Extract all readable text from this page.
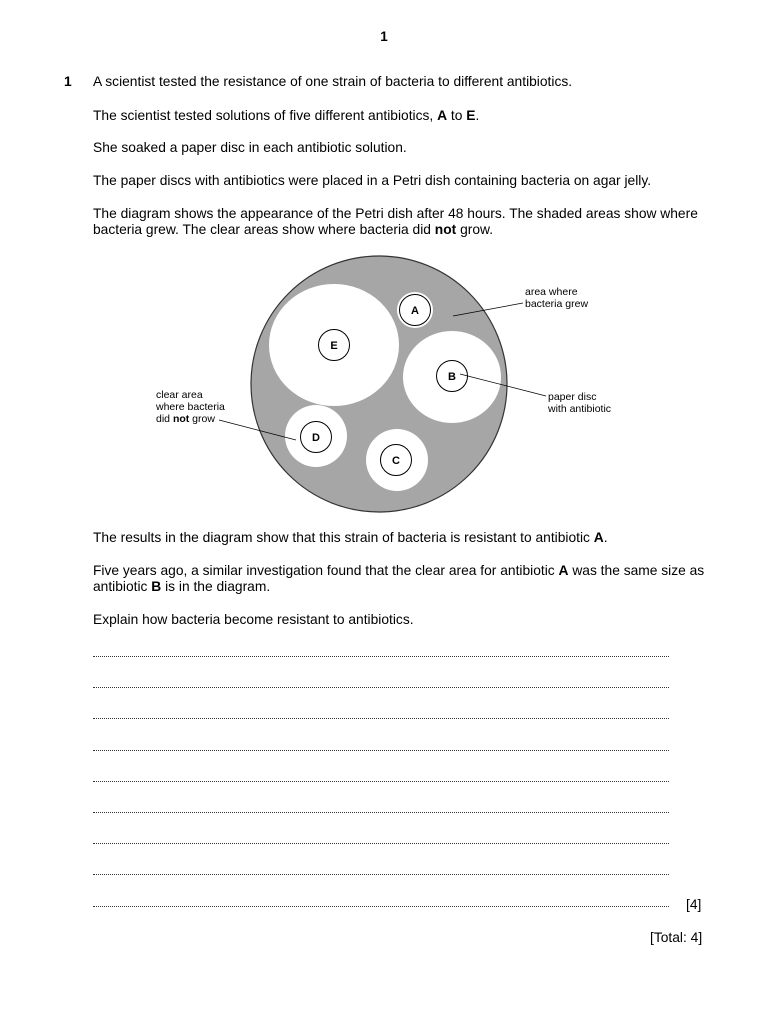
1
1 A scientist tested the resistance of one strain of bacteria to different antibiotics.
The scientist tested solutions of five different antibiotics, A to E.
She soaked a paper disc in each antibiotic solution.
The paper discs with antibiotics were placed in a Petri dish containing bacteria on agar jelly.
The diagram shows the appearance of the Petri dish after 48 hours. The shaded areas show where bacteria grew. The clear areas show where bacteria did not grow.
A
B
C
D
E
area where
bacteria grew
paper disc
with antibiotic
clear area
where bacteria
did not grow
The results in the diagram show that this strain of bacteria is resistant to antibiotic A.
Five years ago, a similar investigation found that the clear area for antibiotic A was the same size as antibiotic B is in the diagram.
Explain how bacteria become resistant to antibiotics.
[4]
[Total: 4]
